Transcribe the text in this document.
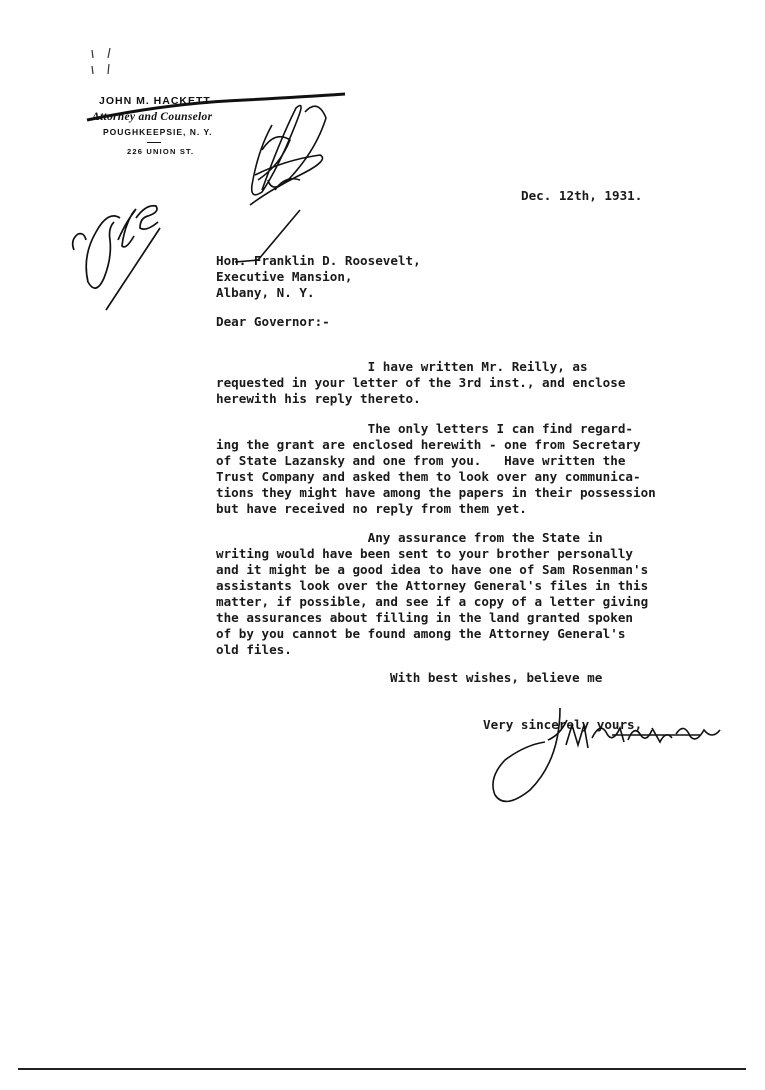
JOHN M. HACKETT
Attorney and Counselor
POUGHKEEPSIE, N. Y.
226 UNION ST.
Dec. 12th, 1931.
Hon. Franklin D. Roosevelt,
Executive Mansion,
Albany, N. Y.
Dear Governor:-
I have written Mr. Reilly, as
requested in your letter of the 3rd inst., and enclose
herewith his reply thereto.
The only letters I can find regard-
ing the grant are enclosed herewith - one from Secretary
of State Lazansky and one from you.   Have written the
Trust Company and asked them to look over any communica-
tions they might have among the papers in their possession
but have received no reply from them yet.
Any assurance from the State in
writing would have been sent to your brother personally
and it might be a good idea to have one of Sam Rosenman's
assistants look over the Attorney General's files in this
matter, if possible, and see if a copy of a letter giving
the assurances about filling in the land granted spoken
of by you cannot be found among the Attorney General's
old files.
With best wishes, believe me
Very sincerely yours,
